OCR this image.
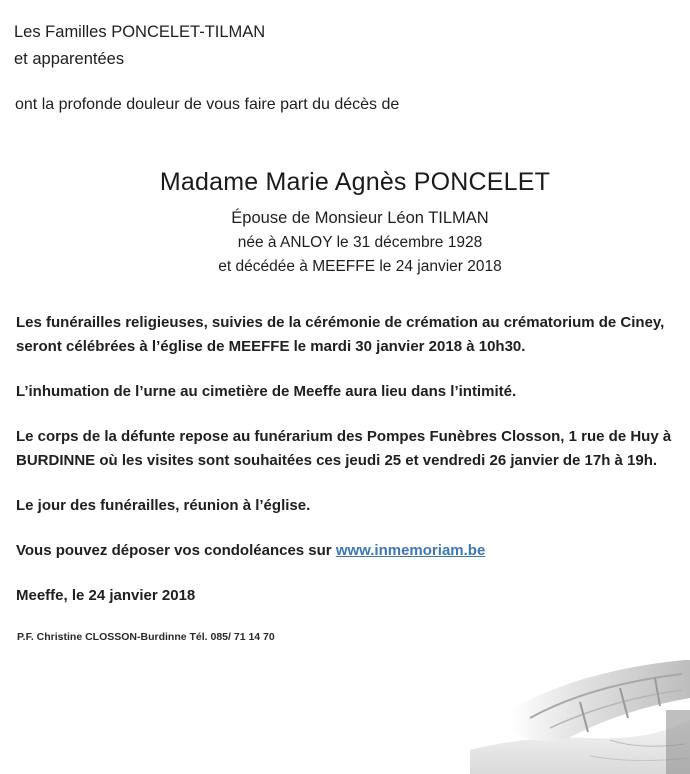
Les Familles PONCELET-TILMAN
et apparentées
ont la profonde douleur de vous faire part du décès de
Madame Marie Agnès PONCELET
Épouse de Monsieur Léon TILMAN
née à ANLOY le 31 décembre 1928
et décédée à MEEFFE le 24 janvier 2018
Les funérailles religieuses, suivies de la cérémonie de crémation au crématorium de Ciney,
seront célébrées à l’église de MEEFFE le mardi 30 janvier 2018 à 10h30.
L’inhumation de l’urne au cimetière de Meeffe aura lieu dans l’intimité.
Le corps de la défunte repose au funérarium des Pompes Funèbres Closson, 1 rue de Huy à
BURDINNE où les visites sont souhaitées ces jeudi 25 et vendredi 26 janvier de 17h à 19h.
Le jour des funérailles, réunion à l’église.
Vous pouvez déposer vos condoléances sur www.inmemoriam.be
Meeffe, le 24 janvier 2018
P.F. Christine CLOSSON-Burdinne Tél. 085/ 71 14 70
